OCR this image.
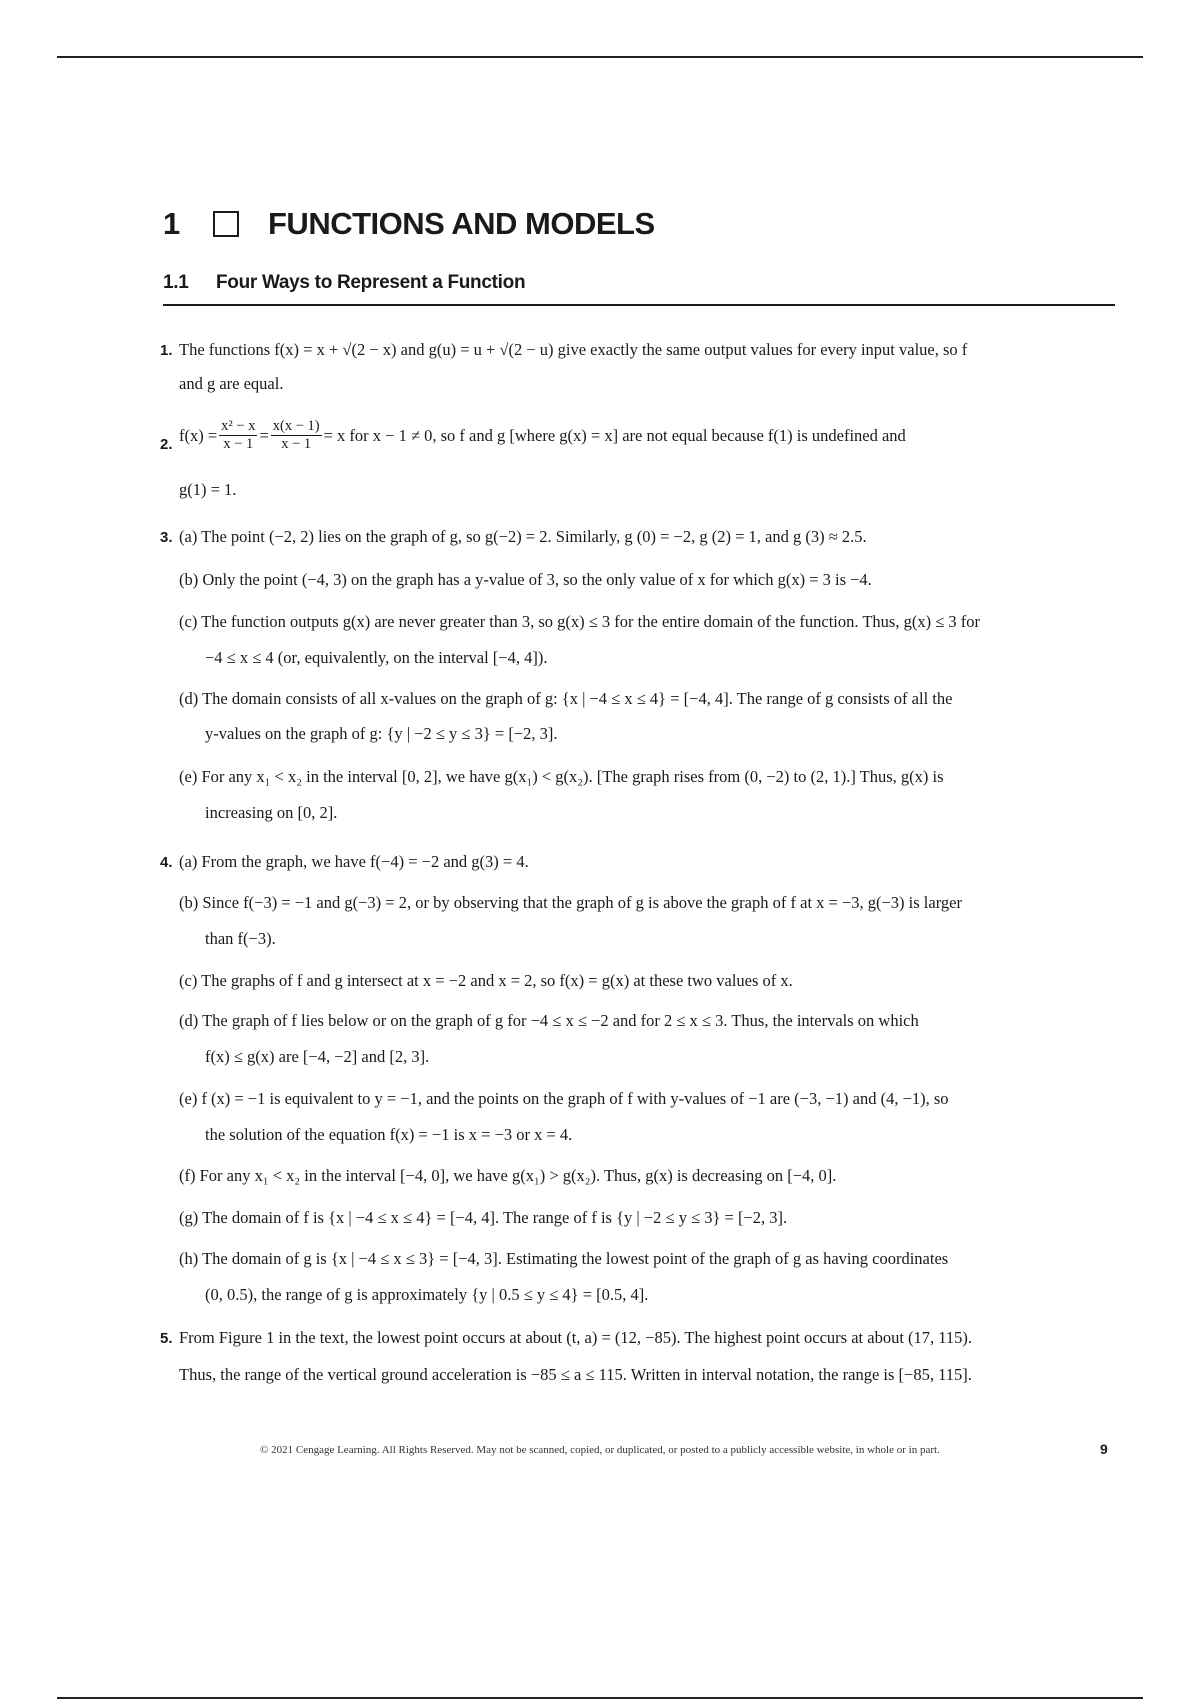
1	FUNCTIONS AND MODELS
1.1 Four Ways to Represent a Function
1. The functions f(x) = x + √(2 − x) and g(u) = u + √(2 − u) give exactly the same output values for every input value, so f
and g are equal.
2. $f(x) = \frac{\text{x² − x}}{x - 1} = \frac{x(x - 1)}{x - 1} = x$ for x − 1 ≠ 0, so f and g [where g(x) = x] are not equal because f(1) is undefined and
g(1) = 1.
3. (a) The point (−2, 2) lies on the graph of g, so g(−2) = 2. Similarly, g (0) = −2, g (2) = 1, and g (3) ≈ 2.5.
(b) Only the point (−4, 3) on the graph has a y-value of 3, so the only value of x for which g(x) = 3 is −4.
(c) The function outputs g(x) are never greater than 3, so g(x) ≤ 3 for the entire domain of the function. Thus, g(x) ≤ 3 for
−4 ≤ x ≤ 4 (or, equivalently, on the interval [−4, 4]).
(d) The domain consists of all x-values on the graph of g: {x | −4 ≤ x ≤ 4} = [−4, 4]. The range of g consists of all the
y-values on the graph of g: {y | −2 ≤ y ≤ 3} = [−2, 3].
(e) For any x₁ < x₂ in the interval [0, 2], we have g(x₁) < g(x₂). [The graph rises from (0, −2) to (2, 1).] Thus, g(x) is
increasing on [0, 2].
4. (a) From the graph, we have f(−4) = −2 and g(3) = 4.
(b) Since f(−3) = −1 and g(−3) = 2, or by observing that the graph of g is above the graph of f at x = −3, g(−3) is larger
than f(−3).
(c) The graphs of f and g intersect at x = −2 and x = 2, so f(x) = g(x) at these two values of x.
(d) The graph of f lies below or on the graph of g for −4 ≤ x ≤ −2 and for 2 ≤ x ≤ 3. Thus, the intervals on which
f(x) ≤ g(x) are [−4, −2] and [2, 3].
(e) f (x) = −1 is equivalent to y = −1, and the points on the graph of f with y-values of −1 are (−3, −1) and (4, −1), so
the solution of the equation f(x) = −1 is x = −3 or x = 4.
(f) For any x₁ < x₂ in the interval [−4, 0], we have g(x₁) > g(x₂). Thus, g(x) is decreasing on [−4, 0].
(g) The domain of f is {x | −4 ≤ x ≤ 4} = [−4, 4]. The range of f is {y | −2 ≤ y ≤ 3} = [−2, 3].
(h) The domain of g is {x | −4 ≤ x ≤ 3} = [−4, 3]. Estimating the lowest point of the graph of g as having coordinates
(0, 0.5), the range of g is approximately {y | 0.5 ≤ y ≤ 4} = [0.5, 4].
5. From Figure 1 in the text, the lowest point occurs at about (t, a) = (12, −85). The highest point occurs at about (17, 115).
Thus, the range of the vertical ground acceleration is −85 ≤ a ≤ 115. Written in interval notation, the range is [−85, 115].
© 2021 Cengage Learning. All Rights Reserved. May not be scanned, copied, or duplicated, or posted to a publicly accessible website, in whole or in part.	9
